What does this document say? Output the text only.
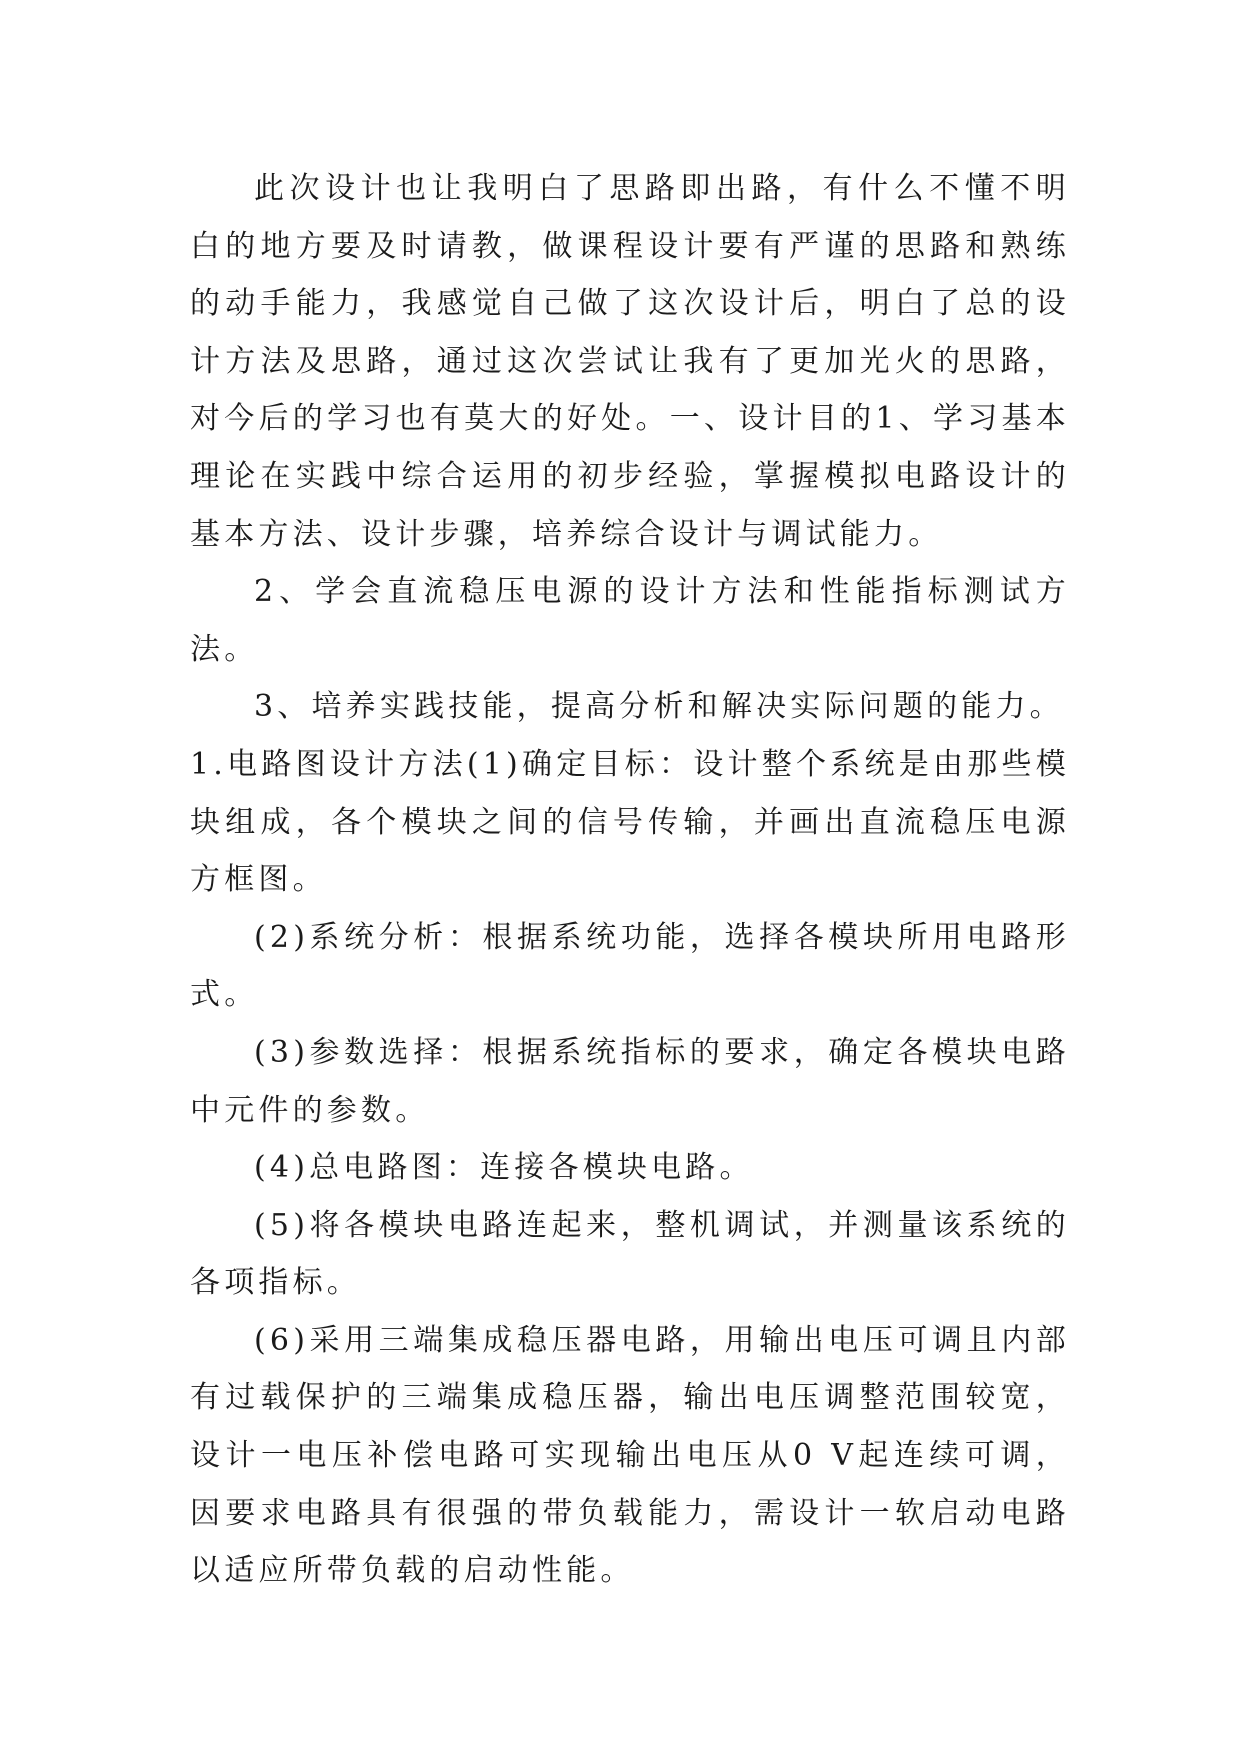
此次设计也让我明白了思路即出路，有什么不懂不明白的地方要及时请教，做课程设计要有严谨的思路和熟练的动手能力，我感觉自己做了这次设计后，明白了总的设计方法及思路，通过这次尝试让我有了更加光火的思路，对今后的学习也有莫大的好处。一、设计目的1、学习基本理论在实践中综合运用的初步经验，掌握模拟电路设计的基本方法、设计步骤，培养综合设计与调试能力。

2、学会直流稳压电源的设计方法和性能指标测试方法。

3、培养实践技能，提高分析和解决实际问题的能力。

1.电路图设计方法(1)确定目标：设计整个系统是由那些模块组成，各个模块之间的信号传输，并画出直流稳压电源方框图。

(2)系统分析：根据系统功能，选择各模块所用电路形式。

(3)参数选择：根据系统指标的要求，确定各模块电路中元件的参数。

(4)总电路图：连接各模块电路。

(5)将各模块电路连起来，整机调试，并测量该系统的各项指标。

(6)采用三端集成稳压器电路，用输出电压可调且内部有过载保护的三端集成稳压器，输出电压调整范围较宽，设计一电压补偿电路可实现输出电压从0 V起连续可调，因要求电路具有很强的带负载能力，需设计一软启动电路以适应所带负载的启动性能。
